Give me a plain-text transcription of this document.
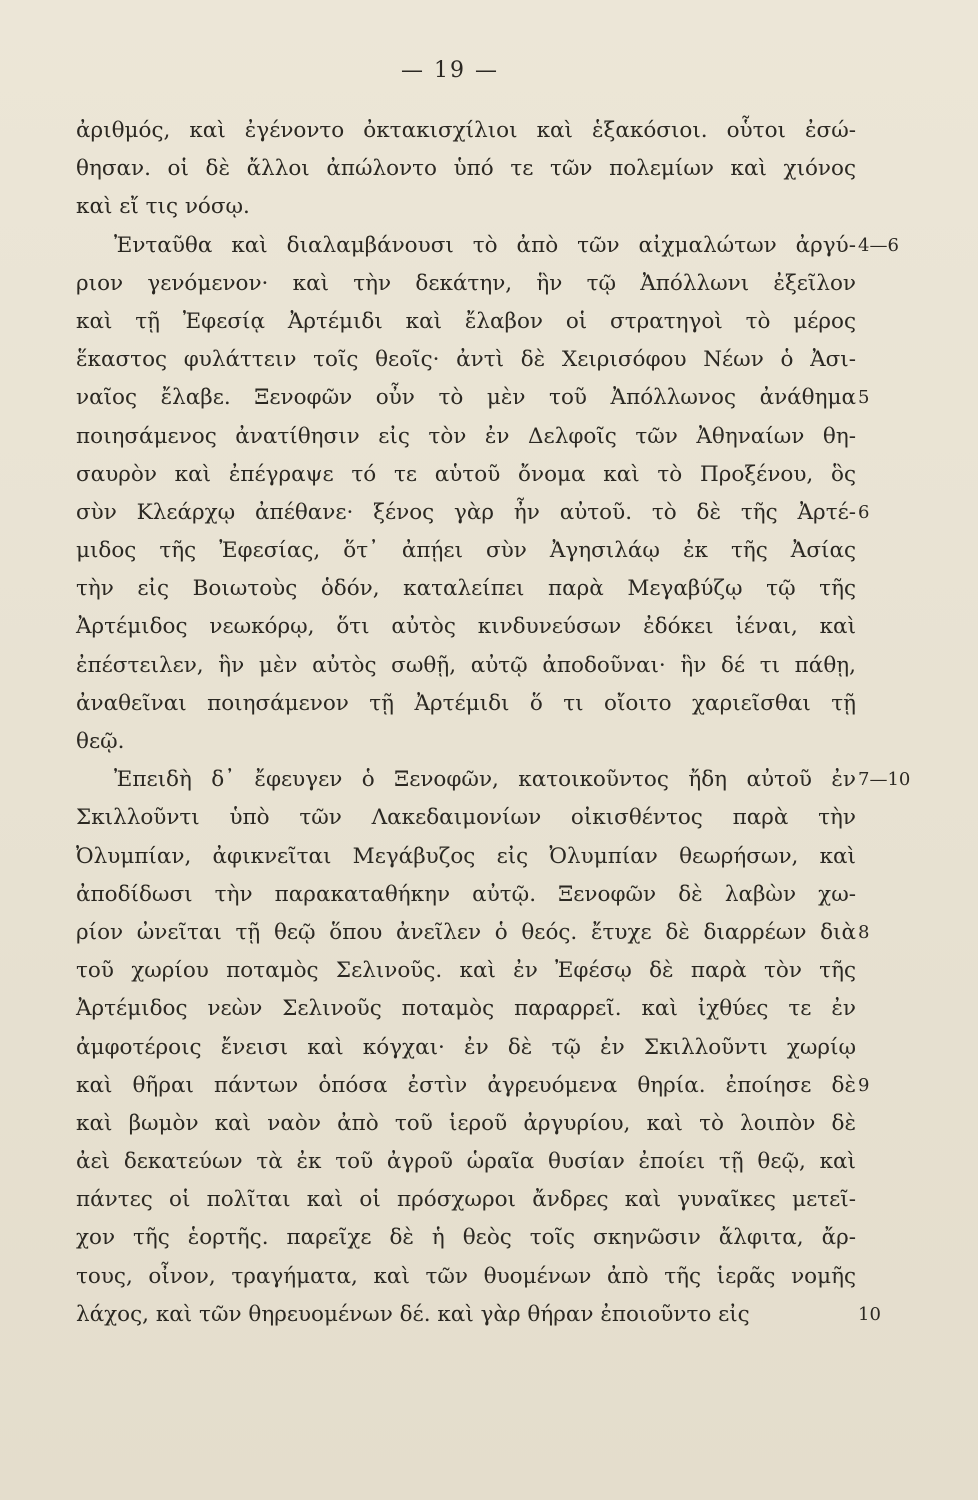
— 19 —
ἀριθμός, καὶ ἐγένοντο ὀκτακισχίλιοι καὶ ἑξακόσιοι. οὗτοι ἐσώ-
θησαν. οἱ δὲ ἄλλοι ἀπώλοντο ὑπό τε τῶν πολεμίων καὶ χιόνος
καὶ εἴ τις νόσῳ.
Ἐνταῦθα καὶ διαλαμβάνουσι τὸ ἀπὸ τῶν αἰχμαλώτων ἀργύ- 4—6
ριον γενόμενον· καὶ τὴν δεκάτην, ἣν τῷ Ἀπόλλωνι ἐξεῖλον
καὶ τῇ Ἐφεσίᾳ Ἀρτέμιδι καὶ ἔλαβον οἱ στρατηγοὶ τὸ μέρος
ἕκαστος φυλάττειν τοῖς θεοῖς· ἀντὶ δὲ Χειρισόφου Νέων ὁ Ἀσι-
ναῖος ἔλαβε. Ξενοφῶν οὖν τὸ μὲν τοῦ Ἀπόλλωνος ἀνάθημα 5
ποιησάμενος ἀνατίθησιν εἰς τὸν ἐν Δελφοῖς τῶν Ἀθηναίων θη-
σαυρὸν καὶ ἐπέγραψε τό τε αὑτοῦ ὄνομα καὶ τὸ Προξένου, ὃς
σὺν Κλεάρχῳ ἀπέθανε· ξένος γὰρ ἦν αὐτοῦ. τὸ δὲ τῆς Ἀρτέ- 6
μιδος τῆς Ἐφεσίας, ὅτ᾽ ἀπῄει σὺν Ἀγησιλάῳ ἐκ τῆς Ἀσίας
τὴν εἰς Βοιωτοὺς ὁδόν, καταλείπει παρὰ Μεγαβύζῳ τῷ τῆς
Ἀρτέμιδος νεωκόρῳ, ὅτι αὐτὸς κινδυνεύσων ἐδόκει ἰέναι, καὶ
ἐπέστειλεν, ἣν μὲν αὐτὸς σωθῇ, αὐτῷ ἀποδοῦναι· ἣν δέ τι πάθῃ,
ἀναθεῖναι ποιησάμενον τῇ Ἀρτέμιδι ὅ τι οἴοιτο χαριεῖσθαι τῇ
θεῷ.
Ἐπειδὴ δ᾽ ἔφευγεν ὁ Ξενοφῶν, κατοικοῦντος ἤδη αὐτοῦ ἐν 7—10
Σκιλλοῦντι ὑπὸ τῶν Λακεδαιμονίων οἰκισθέντος παρὰ τὴν
Ὀλυμπίαν, ἀφικνεῖται Μεγάβυζος εἰς Ὀλυμπίαν θεωρήσων, καὶ
ἀποδίδωσι τὴν παρακαταθήκην αὐτῷ. Ξενοφῶν δὲ λαβὼν χω-
ρίον ὠνεῖται τῇ θεῷ ὅπου ἀνεῖλεν ὁ θεός. ἔτυχε δὲ διαρρέων διὰ 8
τοῦ χωρίου ποταμὸς Σελινοῦς. καὶ ἐν Ἐφέσῳ δὲ παρὰ τὸν τῆς
Ἀρτέμιδος νεὼν Σελινοῦς ποταμὸς παραρρεῖ. καὶ ἰχθύες τε ἐν
ἀμφοτέροις ἔνεισι καὶ κόγχαι· ἐν δὲ τῷ ἐν Σκιλλοῦντι χωρίῳ
καὶ θῆραι πάντων ὁπόσα ἐστὶν ἀγρευόμενα θηρία. ἐποίησε δὲ 9
καὶ βωμὸν καὶ ναὸν ἀπὸ τοῦ ἱεροῦ ἀργυρίου, καὶ τὸ λοιπὸν δὲ
ἀεὶ δεκατεύων τὰ ἐκ τοῦ ἀγροῦ ὡραῖα θυσίαν ἐποίει τῇ θεῷ, καὶ
πάντες οἱ πολῖται καὶ οἱ πρόσχωροι ἄνδρες καὶ γυναῖκες μετεῖ-
χον τῆς ἑορτῆς. παρεῖχε δὲ ἡ θεὸς τοῖς σκηνῶσιν ἄλφιτα, ἄρ-
τους, οἶνον, τραγήματα, καὶ τῶν θυομένων ἀπὸ τῆς ἱερᾶς νομῆς
λάχος, καὶ τῶν θηρευομένων δέ. καὶ γὰρ θήραν ἐποιοῦντο εἰς	10
